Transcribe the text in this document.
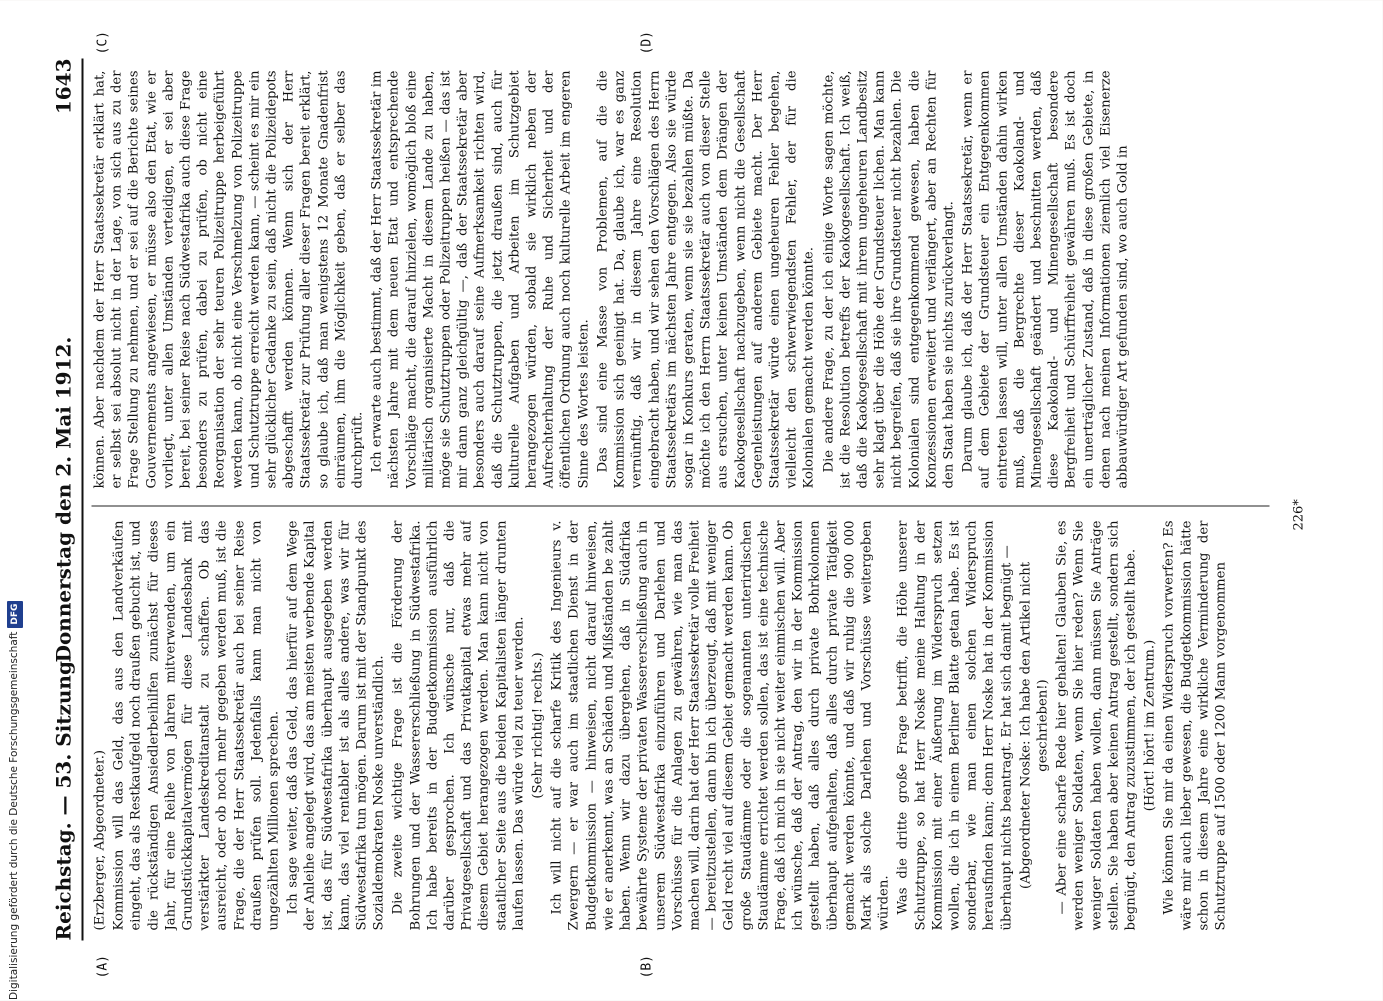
Reichstag. — 53. Sitzung.
Donnerstag den 2. Mai 1912.
1643
(A)	(B)
(C)	(D)

(Erzberger, Abgeordneter.) Kommission will das Geld, das aus den Landverkäufen eingeht, das als Restkaufgeld noch draußen gebucht ist, und die rückständigen Ansiedlerbeihilfen zunächst für dieses Jahr, für eine Reihe von Jahren mitverwenden, um ein Grundstückkapitalvermögen für diese Landesbank mit verstärkter Landeskreditanstalt zu schaffen. Ob das ausreicht, oder ob noch mehr gegeben werden muß, ist die Frage, die der Herr Staatssekretär auch bei seiner Reise draußen prüfen soll. Jedenfalls kann man nicht von ungezählten Millionen sprechen. Ich sage weiter, daß das Geld, das hierfür auf dem Wege der Anleihe angelegt wird, das am meisten werbende Kapital ist, das für Südwestafrika überhaupt ausgegeben werden kann, das viel rentabler ist als alles andere, was wir für Südwestafrika tun mögen. Darum ist mit der Standpunkt des Sozialdemokraten Noske unverständlich. Die zweite wichtige Frage ist die Förderung der Bohrungen und der Wassererschließung in Südwestafrika. Ich habe bereits in der Budgetkommission ausführlich darüber gesprochen. Ich wünsche nur, daß die Privatgesellschaft und das Privatkapital etwas mehr auf diesem Gebiet herangezogen werden. Man kann nicht von staatlicher Seite aus die beiden Kapitalisten länger drunten laufen lassen. Das würde viel zu teuer werden. (Sehr richtig! rechts.) Ich will nicht auf die scharfe Kritik des Ingenieurs v. Zwergern — er war auch im staatlichen Dienst in der Budgetkommission — hinweisen, nicht darauf hinweisen, wie er anerkennt, was an Schäden und Mißständen be zahlt haben. Wenn wir dazu übergehen, daß in Südafrika bewährte Systeme der privaten Wassererschließung auch in unserem Südwestafrika einzuführen und Darlehen und Vorschüsse für die Anlagen zu gewähren, wie man das machen will, darin hat der Herr Staatssekretär volle Freiheit — bereitzustellen, dann bin ich überzeugt, daß mit weniger Geld recht viel auf diesem Gebiet gemacht werden kann. Ob große Staudämme oder die sogenannten unterirdischen Staudämme errichtet werden sollen, das ist eine technische Frage, daß ich mich in sie nicht weiter einmischen will. Aber ich wünsche, daß der Antrag, den wir in der Kommission gestellt haben, daß alles durch private Bohrkolonnen überhaupt aufgehalten, daß alles durch private Tätigkeit gemacht werden könnte, und daß wir ruhig die 900 000 Mark als solche Darlehen und Vorschüsse weitergeben würden. Was die dritte große Frage betrifft, die Höhe unserer Schutztruppe, so hat Herr Noske meine Haltung in der Kommission mit einer Äußerung im Widerspruch setzen wollen, die ich in einem Berliner Blatte getan habe. Es ist sonderbar, wie man einen solchen Widerspruch herausfinden kann; denn Herr Noske hat in der Kommission überhaupt nichts beantragt. Er hat sich damit begnügt — (Abgeordneter Noske: Ich habe den Artikel nicht geschrieben!) — Aber eine scharfe Rede hier gehalten! Glauben Sie, es werden weniger Soldaten, wenn Sie hier reden? Wenn Sie weniger Soldaten haben wollen, dann müssen Sie Anträge stellen. Sie haben aber keinen Antrag gestellt, sondern sich begnügt, den Antrag zuzustimmen, der ich gestellt habe. (Hört! hört! im Zentrum.) Wie können Sie mir da einen Widerspruch vorwerfen? Es wäre mir auch lieber gewesen, die Budgetkommission hätte schon in diesem Jahre eine wirkliche Verminderung der Schutztruppe auf 1500 oder 1200 Mann vorgenommen

können. Aber nachdem der Herr Staatssekretär erklärt hat, er selbst sei absolut nicht in der Lage, von sich aus zu der Frage Stellung zu nehmen, und er sei auf die Berichte seines Gouvernements angewiesen, er müsse also den Etat, wie er vorliegt, unter allen Umständen verteidigen, er sei aber bereit, bei seiner Reise nach Südwestafrika auch diese Frage besonders zu prüfen, dabei zu prüfen, ob nicht eine Reorganisation der sehr teuren Polizeitruppe herbeigeführt werden kann, ob nicht eine Verschmelzung von Polizeitruppe und Schutztruppe erreicht werden kann, — scheint es mir ein sehr glücklicher Gedanke zu sein, daß nicht die Polizeidepots abgeschafft werden können. Wenn sich der Herr Staatssekretär zur Prüfung aller dieser Fragen bereit erklärt, so glaube ich, daß man wenigstens 12 Monate Gnadenfrist einräumen, ihm die Möglichkeit geben, daß er selber das durchprüft. Ich erwarte auch bestimmt, daß der Herr Staatssekretär im nächsten Jahre mit dem neuen Etat und entsprechende Vorschläge macht, die darauf hinzielen, womöglich bloß eine militärisch organisierte Macht in diesem Lande zu haben, möge sie Schutztruppen oder Polizeitruppen heißen — das ist mir dann ganz gleichgültig —, daß der Staatssekretär aber besonders auch darauf seine Aufmerksamkeit richten wird, daß die Schutztruppen, die jetzt draußen sind, auch für kulturelle Aufgaben und Arbeiten im Schutzgebiet herangezogen würden, sobald sie wirklich neben der Aufrechterhaltung der Ruhe und Sicherheit und der öffentlichen Ordnung auch noch kulturelle Arbeit im engeren Sinne des Wortes leisten. Das sind eine Masse von Problemen, auf die die Kommission sich geeinigt hat. Da, glaube ich, war es ganz vernünftig, daß wir in diesem Jahre eine Resolution eingebracht haben, und wir sehen den Vorschlägen des Herrn Staatssekretärs im nächsten Jahre entgegen. Also sie würde sogar in Konkurs geraten, wenn sie sie bezahlen müßte. Da möchte ich den Herrn Staatssekretär auch von dieser Stelle aus ersuchen, unter keinen Umständen dem Drängen der Kaokogesellschaft nachzugeben, wenn nicht die Gesellschaft Gegenleistungen auf anderem Gebiete macht. Der Herr Staatssekretär würde einen ungeheuren Fehler begehen, vielleicht den schwerwiegendsten Fehler, der für die Kolonialen gemacht werden könnte. Die andere Frage, zu der ich einige Worte sagen möchte, ist die Resolution betreffs der Kaokogesellschaft. Ich weiß, daß die Kaokogesellschaft mit ihrem ungeheuren Landbesitz sehr klagt über die Höhe der Grundsteuer lichen. Man kann nicht begreifen, daß sie ihre Grundsteuer nicht bezahlen. Die Kolonialen sind entgegenkommend gewesen, haben die Konzessionen erweitert und verlängert, aber an Rechten für den Staat haben sie nichts zurückverlangt. Darum glaube ich, daß der Herr Staatssekretär, wenn er auf dem Gebiete der Grundsteuer ein Entgegenkommen eintreten lassen will, unter allen Umständen dahin wirken muß, daß die Bergrechte dieser Kaokoland- und Minengesellschaft geändert und beschnitten werden, daß diese Kaokoland- und Minengesellschaft besondere Bergfreiheit und Schürffreiheit gewähren muß. Es ist doch ein unerträglicher Zustand, daß in diese großen Gebiete, in denen nach meinen Informationen ziemlich viel Eisenerze abbauwürdiger Art gefunden sind, wo auch Gold in

226*
Digitalisierung gefördert durch die Deutsche ForschungsgemeinschaftDFG
